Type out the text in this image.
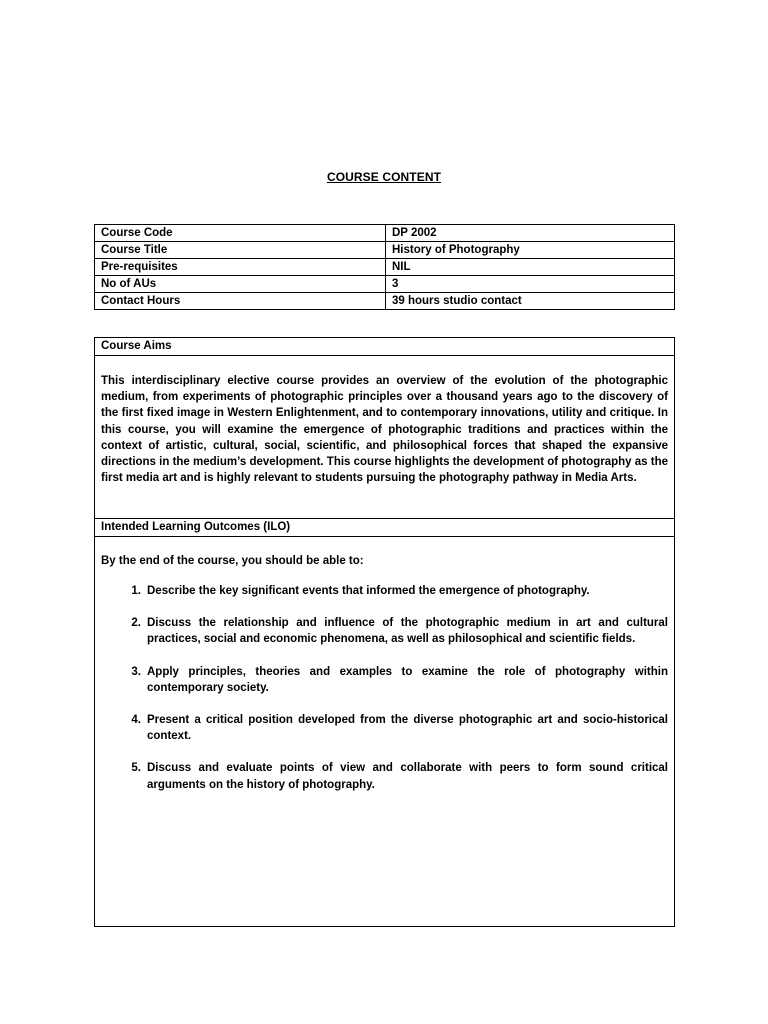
COURSE CONTENT
Course Code	DP 2002
Course Title	History of Photography
Pre-requisites	NIL
No of AUs	3
Contact Hours	39 hours studio contact
Course Aims

This interdisciplinary elective course provides an overview of the evolution of the photographic medium, from experiments of photographic principles over a thousand years ago to the discovery of the first fixed image in Western Enlightenment, and to contemporary innovations, utility and critique. In this course, you will examine the emergence of photographic traditions and practices within the context of artistic, cultural, social, scientific, and philosophical forces that shaped the expansive directions in the medium’s development. This course highlights the development of photography as the first media art and is highly relevant to students pursuing the photography pathway in Media Arts.

Intended Learning Outcomes (ILO)

By the end of the course, you should be able to:

1. Describe the key significant events that informed the emergence of photography.
2. Discuss the relationship and influence of the photographic medium in art and cultural practices, social and economic phenomena, as well as philosophical and scientific fields.
3. Apply principles, theories and examples to examine the role of photography within contemporary society.
4. Present a critical position developed from the diverse photographic art and socio-historical context.
5. Discuss and evaluate points of view and collaborate with peers to form sound critical arguments on the history of photography.
